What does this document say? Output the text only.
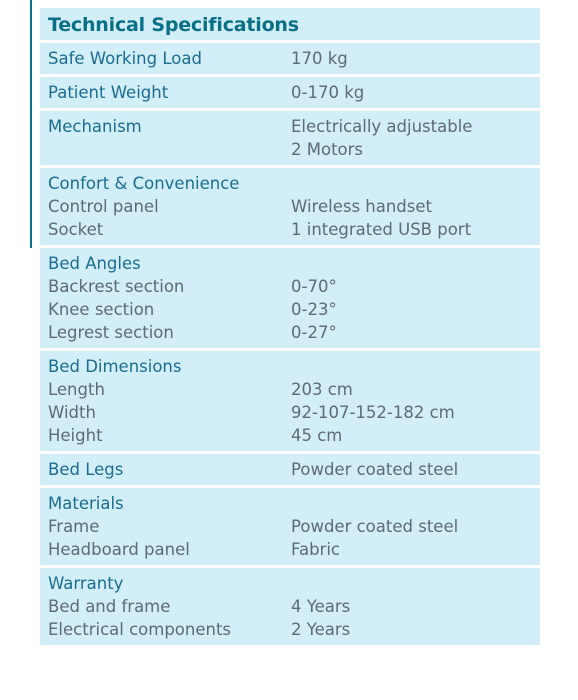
Technical Specifications
Safe Working Load	170 kg
Patient Weight	0-170 kg
Mechanism	Electrically adjustable
2 Motors
Confort & Convenience
Control panel	Wireless handset
Socket	1 integrated USB port
Bed Angles
Backrest section	0-70°
Knee section	0-23°
Legrest section	0-27°
Bed Dimensions
Length	203 cm
Width	92-107-152-182 cm
Height	45 cm
Bed Legs	Powder coated steel
Materials
Frame	Powder coated steel
Headboard panel	Fabric
Warranty
Bed and frame	4 Years
Electrical components	2 Years
